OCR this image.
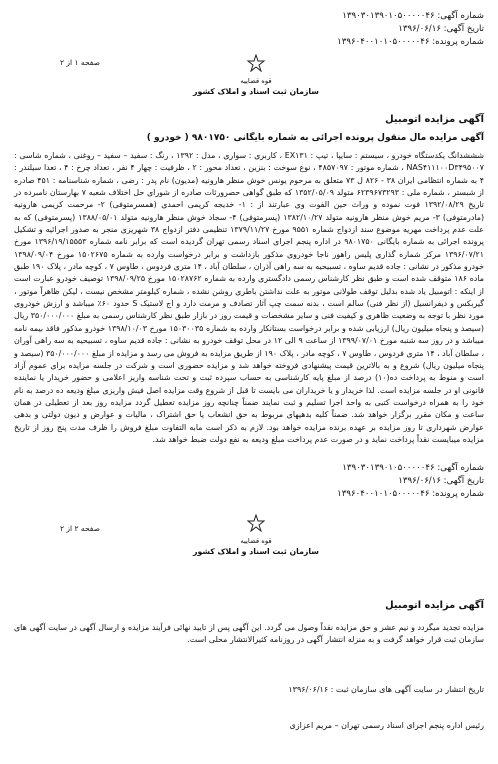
شماره آگهی: ۱۳۹۰۳۰۱۳۹۰۱۰۵۰۰۰۰۰۴۶
تاریخ آگهی: ۱۳۹۶/۰۶/۱۶
شماره پرونده: ۱۳۹۶۰۴۰۰۱۰۱۰۵۰۰۰۰۰۴۶
صفحه ۱ از ۲
قوه قضاییه
سازمان ثبت اسناد و املاک کشور
آگهی مزایده اتومبیل
آگهی مزایده مال منقول پرونده اجرائی به شماره بایگانی ۹۸۰۱۷۵۰ ( خودرو )
شششدانگ یکدستگاه خودرو ، سیستم : سایپا ، تیپ : EX۱۳۱ ، کاربری : سواری ، مدل : ۱۳۹۲ ، رنگ : سفید – سفید – روغنی ، شماره شاسی : NAS۴۱۱۱۰۰D۳۴۹۵۰۰۷ ، شماره موتور : ۴۸۵۷۰۹۷ ، نوع سوخت : بنزین ، تعداد محور : ۲ ، ظرفیت : چهار ۴ نفر ، تعداد چرخ : ۴ ، تعدا سیلندر : ۴ به شماره انتظامی ایران ۳۸ - ۸۲۶ ل ۷۳ متعلق به مرحوم یونس خوش منظر هارونیه (مدیون) نام پدر : رضی ، شماره شناسنامه : ۴۵۱ صادره از شبستر ، شماره ملی : ۶۲۳۹۶۷۳۲۹۳ متولد ۱۳۵۲/۰۵/۰۹ که طبق گواهی حصرورثات صادره از شورای حل اختلاف شعبه ۷ بهارستان نامبرده در تاریخ ۱۳۹۲/۰۸/۲۹ فوت نموده و وراث حین الفوت وی عبارتند از : ۱- خدیجه کریمی احمدی (همسرمتوفی) ۲- مرحمت کریمی هارونیه (مادرمتوفی) ۳- مریم خوش منظر هارونیه متولد ۱۳۸۲/۱۰/۲۷ (پسرمتوفی) ۴- سجاد خوش منظر هارونیه متولد ۱۳۸۸/۰۵/۰۱ (پسرمتوفی) که به علت عدم پرداخت مهریه موضوع سند ازدواج شماره ۹۵۵۱ مورخ ۱۳۷۹/۱۱/۲۷ تنظیمی دفتر ازدواج ۳۸ شهریزی منجر به صدور اجرائیه و تشکیل پرونده اجرائی به شماره بایگانی ۹۸۰۱۷۵۰ در اداره پنجم اجرای اسناد رسمی تهران گردیده است که برابر نامه شماره ۱۳۹۶/۱۹/۱۵۵۵۳ مورخ ۱۳۹۶/۰۷/۲۱ مرکز شماره گذاری پلیس راهور ناجا خودروی مذکور بازداشت و برابر درخواست وارده به شماره ۱۵۰۲۶۷۵ مورخ ۱۳۹۸/۰۹/۰۴ خودرو مذکور در نشانی : جاده قدیم ساوه ، تسبیحیه به سه راهی آذران ، سلطان آباد ، ۱۴ متری فردوس ، طاوس ۷ ، کوچه مادر ، پلاک ۱۹۰ طبق ماده ۱۸۶ متوقف شده است و طبق نظر کارشناس رسمی دادگستری وارده به شماره ۱۵۰۲۸۷۶۲ مورخ ۱۳۹۸/۰۹/۲۵ توصیف خودرو عبارت است از اینکه : اتومبیل یاد شده بدلیل توقف طولانی موتور به علت نداشتن باطری روشن نشده ، شماره کیلومتر مشخص نیست ، لیکن ظاهراً موتور ، گیربکس و دیفرانسیل (از نظر فنی) سالم است ، بدنه سمت چپ آثار تصادف و مرمت دارد و اج لاستیک S حدود ۶۰٪ میباشد و ارزش خودروی مورد نظر با توجه به وضعیت ظاهری و کیفیت فنی و سایر مشخصات و قیمت روز در بازار طبق نظر کارشناس رسمی به مبلغ ۳۵۰/۰۰۰/۰۰۰ ریال (سیصد و پنجاه میلیون ریال) ارزیابی شده و برابر درخواست بستانکار وارده به شماره ۱۵۰۳۰۰۳۵ مورخ ۱۳۹۸/۱۰/۰۳ خودرو مذکور فاقد بیمه نامه میباشد و در روز سه شنبه مورخ ۱۳۹۹/۰۷/۰۱ از ساعت ۹ الی ۱۲ در محل توقف خودرو به نشانی : جاده قدیم ساوه ، تسبیحیه به سه راهی آوران ، سلطان آباد ، ۱۴ متری فردوس ، طاوس ۷ ، کوچه مادر ، پلاک ۱۹۰ از طریق مزایده به فروش می رسد و مزایده از مبلغ ۳۵۰/۰۰۰/۰۰۰ (سیصد و پنجاه میلیون ریال) شروع و به بالاترین قیمت پیشنهادی فروخته خواهد شد و مزایده حضوری است و شرکت در جلسه مزایده برای عموم آزاد است و منوط به پرداخت ده(۱۰) درصد از مبلغ پایه کارشناسی به حساب سپرده ثبت و تحت شناسه واریز اعلامی و حضور خریدار یا نماینده قانونی او در جلسه مزایده است. لذا خریدار و یا خریداران می بایست تا قبل از شروع وقت مزایده اصل فیش واریزی مبلغ ودیعه ده درصد به نام خود را به همراه درخواست کتبی به واحد اجرا تسلیم و ثبت نمایند ضمناً چنانچه روز مزایده تعطیل گردد مزایده روز بعد از تعطیلی در همان ساعت و مکان مقرر برگزار خواهد شد. ضمناً کلیه بدهیهای مربوط به حق انشعاب یا حق اشتراک ، مالیات و عوارض و دیون دولتی و بدهی عوارض شهرداری تا روز مزایده بر عهده برنده مزایده خواهد بود. لازم به ذکر است مابه التفاوت مبلغ فروش را ظرف مدت پنج روز از تاریخ مزایده میبایست نقداً پرداخت نماید و در صورت عدم پرداخت مبلغ ودیعه به نفع دولت ضبط خواهد شد.
شماره آگهی: ۱۳۹۰۳۰۱۳۹۰۱۰۵۰۰۰۰۰۴۶
تاریخ آگهی: ۱۳۹۶/۰۶/۱۶
شماره پرونده: ۱۳۹۶۰۴۰۰۱۰۱۰۵۰۰۰۰۰۴۶
صفحه ۲ از ۲
قوه قضاییه
سازمان ثبت اسناد و املاک کشور
آگهی مزایده اتومبیل
مزایده تجدید میگردد و نیم عشر و حق مزایده نقداً وصول می گردد. این آگهی پس از تایید نهائی فرآیند مزایده و ارسال آگهی در سایت آگهی های سازمان ثبت قرار خواهد گرفت و به منزله انتشار آگهی در روزنامه کثیرالانتشار محلی است.
تاریخ انتشار در سایت آگهی های سازمان ثبت : ۱۳۹۶/۰۶/۱۶
رئیس اداره پنجم اجرای اسناد رسمی تهران – مریم اعزازی
